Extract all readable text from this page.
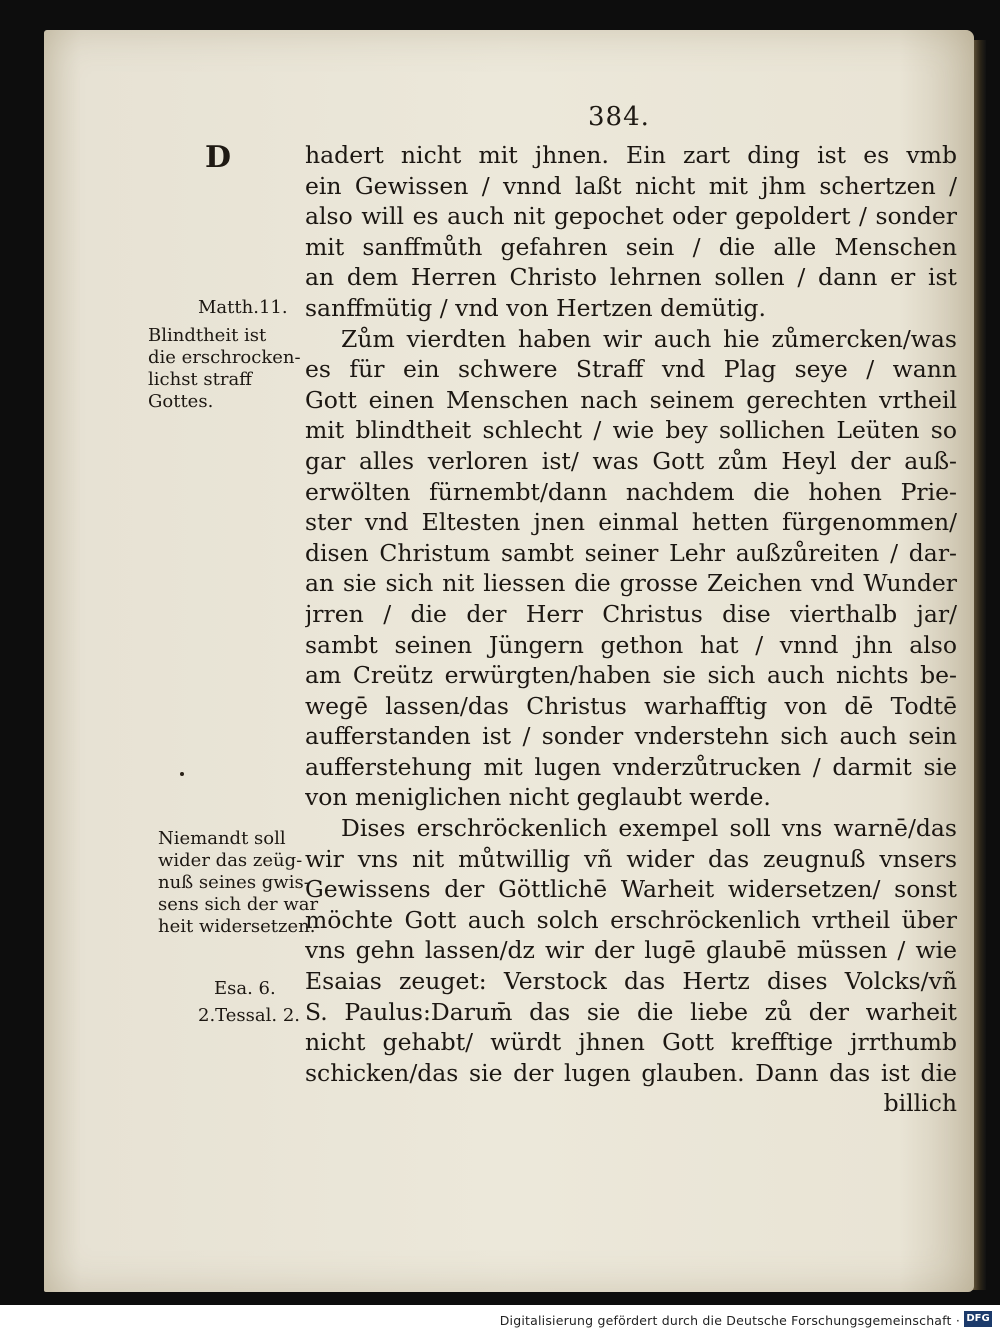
384.
D	hadert nicht mit jhnen. Ein zart ding ist es vmb
ein Gewissen / vnnd laßt nicht mit jhm schertzen /
also will es auch nit gepochet oder gepoldert / sonder
mit sanffmůth gefahren sein / die alle Menschen
an dem Herren Christo lehrnen sollen / dann er ist
sanffmütig / vnd von Hertzen demütig.
Zům vierdten haben wir auch hie zůmercken/was
es für ein schwere Straff vnd Plag seye / wann
Gott einen Menschen nach seinem gerechten vrtheil
mit blindtheit schlecht / wie bey sollichen Leüten so
gar alles verloren ist/ was Gott zům Heyl der auß-
erwölten fürnembt/dann nachdem die hohen Prie-
ster vnd Eltesten jnen einmal hetten fürgenommen/
disen Christum sambt seiner Lehr außzůreiten / dar-
an sie sich nit liessen die grosse Zeichen vnd Wunder
jrren / die der Herr Christus dise vierthalb jar/
sambt seinen Jüngern gethon hat / vnnd jhn also
am Creütz erwürgten/haben sie sich auch nichts be-
wegē lassen/das Christus warhafftig von dē Todtē
aufferstanden ist / sonder vnderstehn sich auch sein
aufferstehung mit lugen vnderzůtrucken / darmit sie
von meniglichen nicht geglaubt werde.
Dises erschröckenlich exempel soll vns warnē/das
wir vns nit můtwillig vñ wider das zeugnuß vnsers
Gewissens der Göttlichē Warheit widersetzen/ sonst
möchte Gott auch solch erschröckenlich vrtheil über
vns gehn lassen/dz wir der lugē glaubē müssen / wie
Esaias zeuget: Verstock das Hertz dises Volcks/vñ
S. Paulus:Darum̄ das sie die liebe zů der warheit
nicht gehabt/ würdt jhnen Gott krefftige jrrthumb
schicken/das sie der lugen glauben. Dann das ist die
billich
Matth.11.
Blindtheit ist
die erschrocken-
lichst straff
Gottes.
Niemandt soll
wider das zeüg-
nuß seines gwis-
sens sich der war
heit widersetzen.
Esa. 6.
2.Tessal. 2.
Digitalisierung gefördert durch die Deutsche Forschungsgemeinschaft · DFG
